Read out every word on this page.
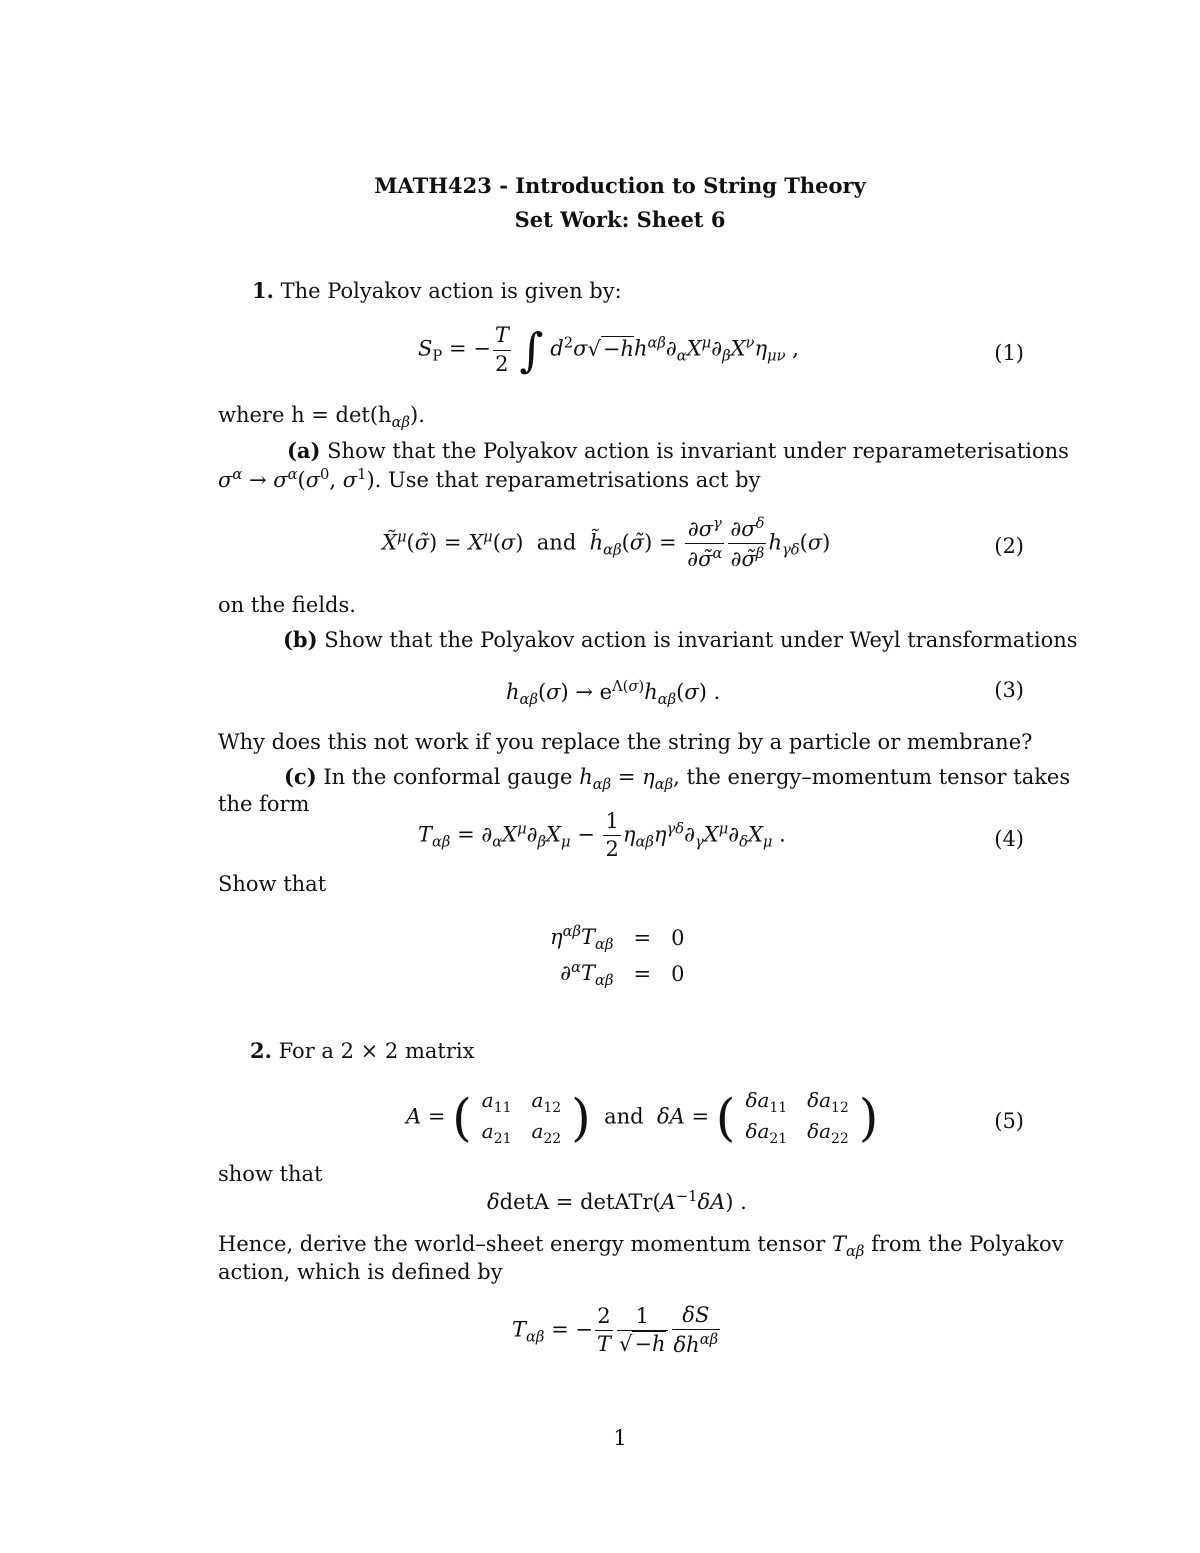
MATH423 - Introduction to String Theory
Set Work: Sheet 6
1. The Polyakov action is given by:
$S_P$ = − $\frac{T}{2}$ ∫ $d^2\sigma√-hh^{\alpha\beta}\partial_\alpha X^\mu\partial_\beta X^\nu\eta_{\mu\nu}$ ,	(1)
where $h = \det(h_{\alpha\beta})$.
(a) Show that the Polyakov action is invariant under reparameterisations
$\sigma^\alpha \to \sigma^\alpha(\sigma^0$, $\sigma^1$). Use that reparametrisations act by
X̃$^\mu$(σ̃) = $X^\mu(\sigma)$  and $h̃_{\alpha\beta}(\sigmã) = \frac{\partial\sigma^\gamma}{\partial\sigmã^\alpha} \frac{\partial\sigma^\delta}{\partial\sigmã^\beta} h_{\gamma\delta}(\sigma)$	(2)
on the fields.
(b) Show that the Polyakov action is invariant under Weyl transformations
$h_{\alpha\beta}(\sigma) \to e^{\Lambda(\sigma)}h_{\alpha\beta}(\sigma)$ .	(3)
Why does this not work if you replace the string by a particle or membrane?
(c) In the conformal gauge $h_{\alpha\beta} = \eta_{\alpha\beta}$, the energy–momentum tensor takes
the form
$T_{\alpha\beta} = \partial_\alpha X^\mu\partial_\beta X_\mu - \frac{1}{2} \eta_{\alpha\beta}\eta^{\gamma\delta}\partial_\gamma X^\mu\partial_\delta X_\mu$ .	(4)
Show that
$\eta^{\alpha\beta}T_{\alpha\beta}$	=	0
$\partial^\alpha T_{\alpha\beta}$	=	0
2. For a 2 × 2 matrix
A = ( $a_{11}$	$a_{12}$
$a_{21}$	$a_{22}$ ) and δA = ( $\delta a_{11}$	$\delta a_{12}$
$\delta a_{21}$	$\delta a_{22}$ )	(5)
show that
$\delta\det A = detATr(A^{-1}\delta A)$ .
Hence, derive the world–sheet energy momentum tensor $T_{\alpha\beta}$ from the Polyakov
action, which is defined by
$T_{\alpha\beta}$ = − $\frac{2}{T} \frac{1}{√-h} \frac{\delta S}{\delta h^{\alpha\beta}}$
1
